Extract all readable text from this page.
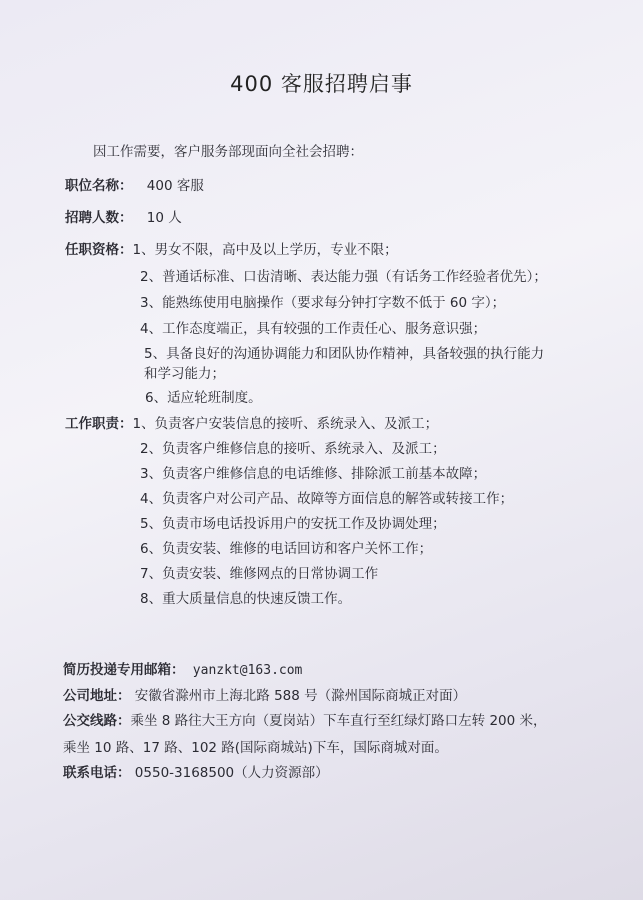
400 客服招聘启事
因工作需要，客户服务部现面向全社会招聘：
职位名称： 400 客服
招聘人数： 10 人
任职资格：1、男女不限，高中及以上学历，专业不限；
2、普通话标准、口齿清晰、表达能力强（有话务工作经验者优先）；
3、能熟练使用电脑操作（要求每分钟打字数不低于 60 字）；
4、工作态度端正，具有较强的工作责任心、服务意识强；
5、具备良好的沟通协调能力和团队协作精神，具备较强的执行能力
和学习能力；
6、适应轮班制度。
工作职责：1、负责客户安装信息的接听、系统录入、及派工；
2、负责客户维修信息的接听、系统录入、及派工；
3、负责客户维修信息的电话维修、排除派工前基本故障；
4、负责客户对公司产品、故障等方面信息的解答或转接工作；
5、负责市场电话投诉用户的安抚工作及协调处理；
6、负责安装、维修的电话回访和客户关怀工作；
7、负责安装、维修网点的日常协调工作
8、重大质量信息的快速反馈工作。
简历投递专用邮箱： yanzkt@163.com
公司地址： 安徽省滁州市上海北路 588 号（滁州国际商城正对面）
公交线路：乘坐 8 路往大王方向（夏岗站）下车直行至红绿灯路口左转 200 米，
乘坐 10 路、17 路、102 路(国际商城站)下车，国际商城对面。
联系电话： 0550-3168500（人力资源部）
